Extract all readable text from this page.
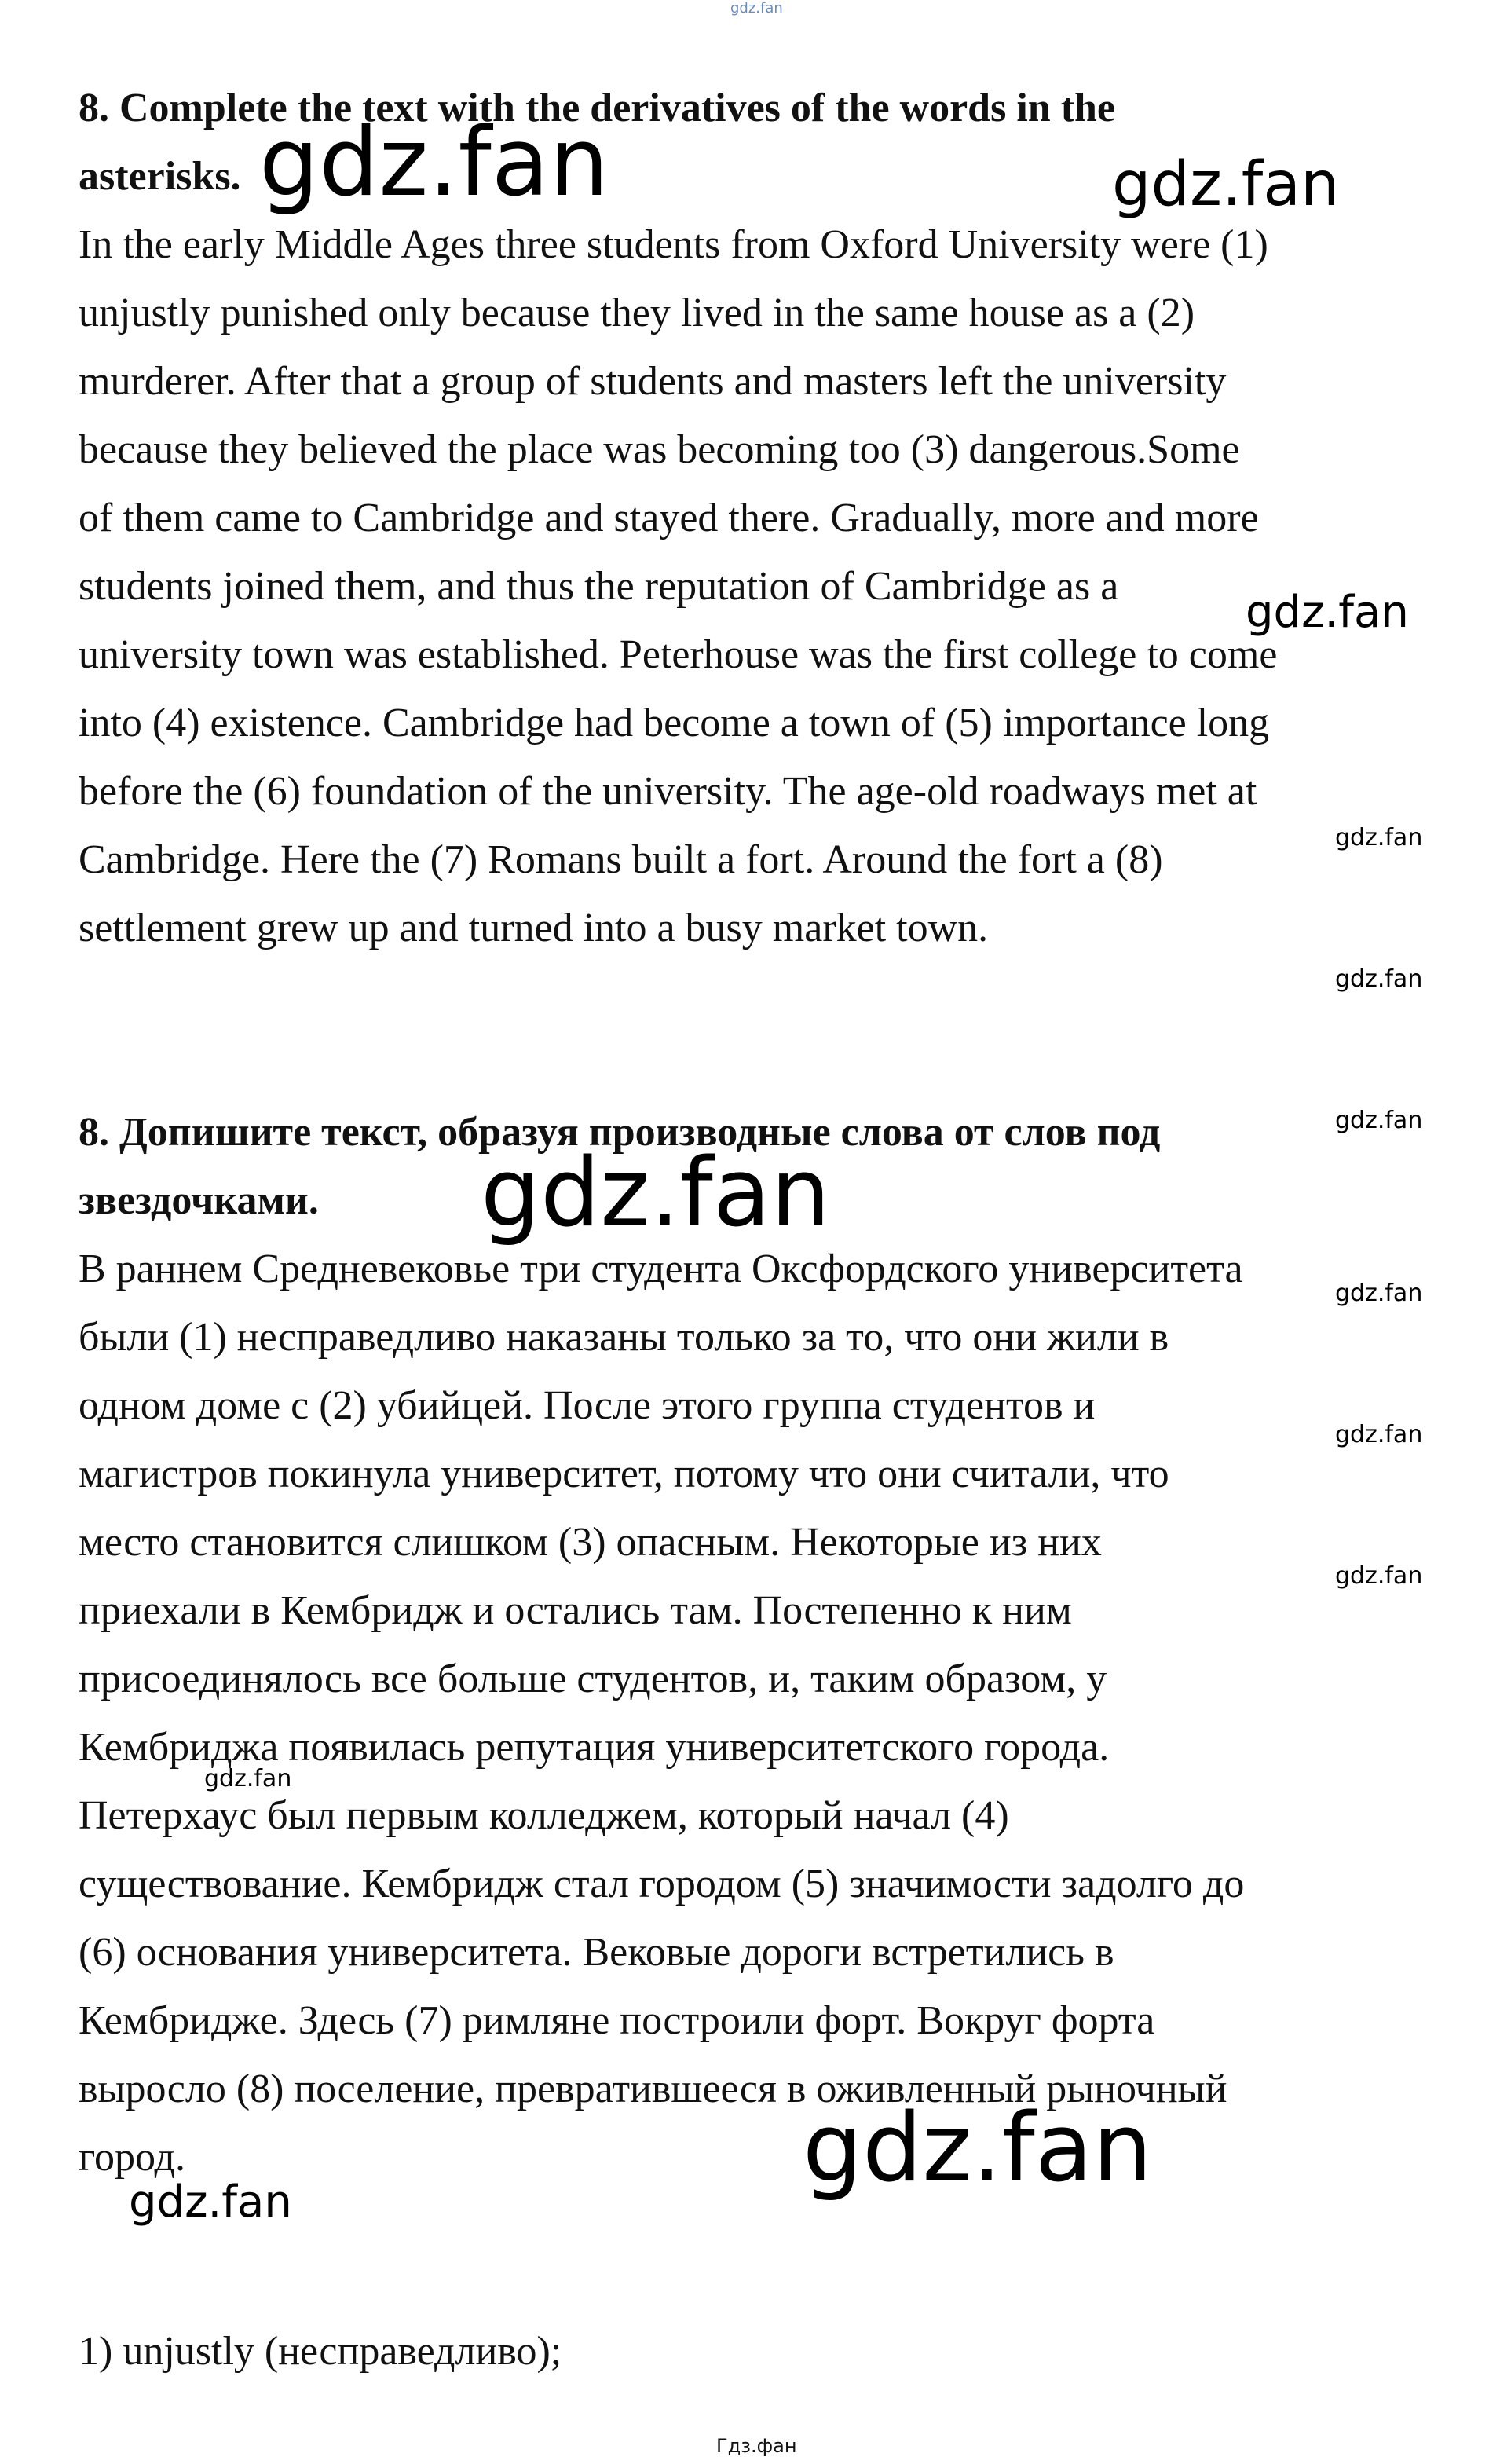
gdz.fan
8. Complete the text with the derivatives of the words in the
asterisks.
In the early Middle Ages three students from Oxford University were (1)
unjustly punished only because they lived in the same house as a (2)
murderer. After that a group of students and masters left the university
because they believed the place was becoming too (3) dangerous.Some
of them came to Cambridge and stayed there. Gradually, more and more
students joined them, and thus the reputation of Cambridge as a
university town was established. Peterhouse was the first college to come
into (4) existence. Cambridge had become a town of (5) importance long
before the (6) foundation of the university. The age-old roadways met at
Cambridge. Here the (7) Romans built a fort. Around the fort a (8)
settlement grew up and turned into a busy market town.
8. Допишите текст, образуя производные слова от слов под
звездочками.
В раннем Средневековье три студента Оксфордского университета
были (1) несправедливо наказаны только за то, что они жили в
одном доме с (2) убийцей. После этого группа студентов и
магистров покинула университет, потому что они считали, что
место становится слишком (3) опасным. Некоторые из них
приехали в Кембридж и остались там. Постепенно к ним
присоединялось все больше студентов, и, таким образом, у
Кембриджа появилась репутация университетского города.
Петерхаус был первым колледжем, который начал (4)
существование. Кембридж стал городом (5) значимости задолго до
(6) основания университета. Вековые дороги встретились в
Кембридже. Здесь (7) римляне построили форт. Вокруг форта
выросло (8) поселение, превратившееся в оживленный рыночный
город.
1) unjustly (несправедливо);
gdz.fan	gdz.fan
gdz.fan
gdz.fan
gdz.fan
gdz.fan
gdz.fan
gdz.fan
gdz.fan
gdz.fan
gdz.fan
gdz.fan
gdz.fan
Гдз.фан
